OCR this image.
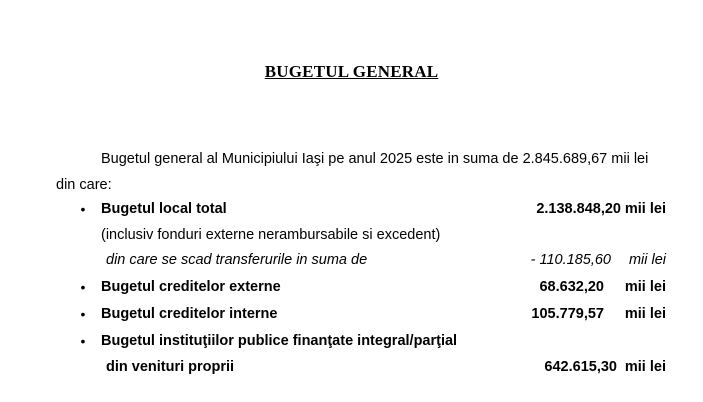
BUGETUL GENERAL
Bugetul general al Municipiului Iaşi pe anul 2025 este in suma de 2.845.689,67 mii lei
din care:
• Bugetul local total	2.138.848,20 mii lei
(inclusiv fonduri externe nerambursabile si excedent)
din care se scad transferurile in suma de	- 110.185,60	mii lei
• Bugetul creditelor externe	68.632,20 mii lei
• Bugetul creditelor interne	105.779,57 mii lei
• Bugetul instituţiilor publice finanţate integral/parţial
din venituri proprii	642.615,30 mii lei
